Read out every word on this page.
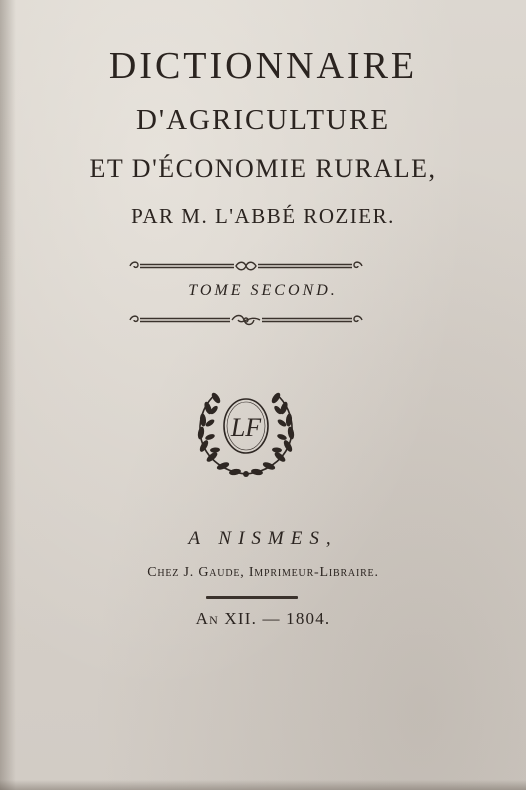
DICTIONNAIRE
D'AGRICULTURE
ET D'ÉCONOMIE RURALE,
PAR M. L'ABBÉ ROZIER.
TOME SECOND.
LF
A NISMES,
Chez J. Gaude, Imprimeur-Libraire.
An XII. — 1804.
